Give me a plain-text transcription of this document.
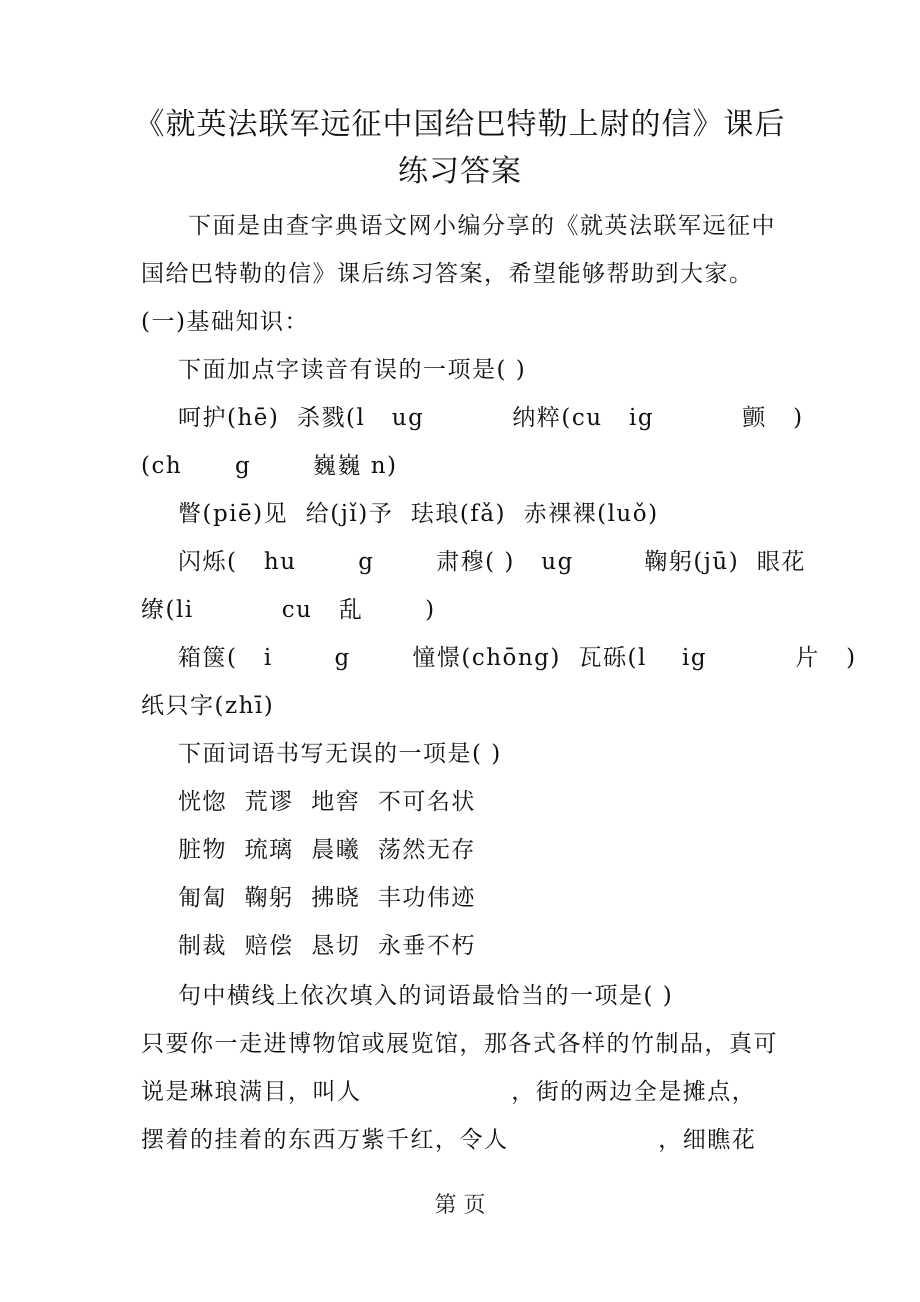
《就英法联军远征中国给巴特勒上尉的信》课后
练习答案
下面是由查字典语文网小编分享的《就英法联军远征中
国给巴特勒的信》课后练习答案，希望能够帮助到大家。
(一)基础知识：
下面加点字读音有误的一项是( )
呵护(hē)  杀戮(l   ug          纳粹(cu   ig          颤   )
(ch      g       巍巍 n)
瞥(piē)见  给(jǐ)予  珐琅(fǎ)  赤裸裸(luǒ)
闪烁(   hu       g       肃穆( )   ug        鞠躬(jū)  眼花
缭(li          cu   乱       )
箱箧(   i       g       憧憬(chōng)  瓦砾(l    ig          片   )
纸只字(zhī)
下面词语书写无误的一项是( )
恍惚  荒谬  地窖  不可名状
脏物  琉璃  晨曦  荡然无存
匍匐  鞠躬  拂晓  丰功伟迹
制裁  赔偿  恳切  永垂不朽
句中横线上依次填入的词语最恰当的一项是( )
只要你一走进博物馆或展览馆，那各式各样的竹制品，真可
说是琳琅满目，叫人                 ，街的两边全是摊点，
摆着的挂着的东西万紫千红，令人                 ，细瞧花
第 页
